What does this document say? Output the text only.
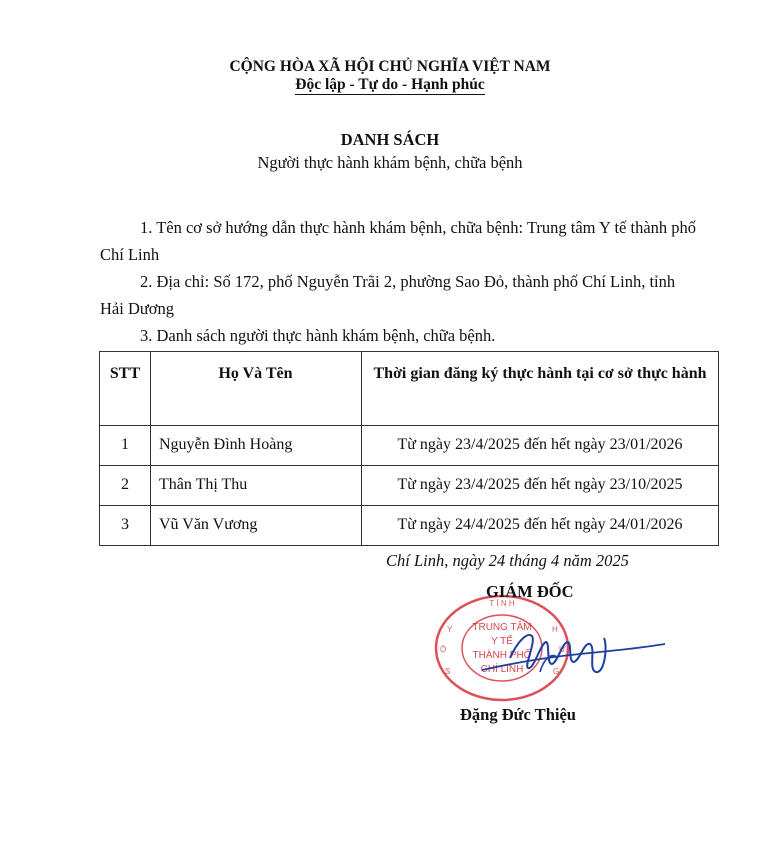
CỘNG HÒA XÃ HỘI CHỦ NGHĨA VIỆT NAM
Độc lập - Tự do - Hạnh phúc
DANH SÁCH
Người thực hành khám bệnh, chữa bệnh
1. Tên cơ sở hướng dẫn thực hành khám bệnh, chữa bệnh: Trung tâm Y tế thành phố Chí Linh
2. Địa chỉ: Số 172, phố Nguyễn Trãi 2, phường Sao Đỏ, thành phố Chí Linh, tỉnh Hải Dương
3. Danh sách người thực hành khám bệnh, chữa bệnh.
STT	Họ Và Tên	Thời gian đăng ký thực hành tại cơ sở thực hành
1	Nguyễn Đình Hoàng	Từ ngày 23/4/2025 đến hết ngày 23/01/2026
2	Thân Thị Thu	Từ ngày 23/4/2025 đến hết ngày 23/10/2025
3	Vũ Văn Vương	Từ ngày 24/4/2025 đến hết ngày 24/01/2026
Chí Linh, ngày 24 tháng 4 năm 2025
TRUNG TÂM
Y TẾ
THÀNH PHỐ
CHÍ LINH
Y
Ô
S
H
Ư
G
T Ỉ N H
GIÁM ĐỐC
Đặng Đức Thiệu
